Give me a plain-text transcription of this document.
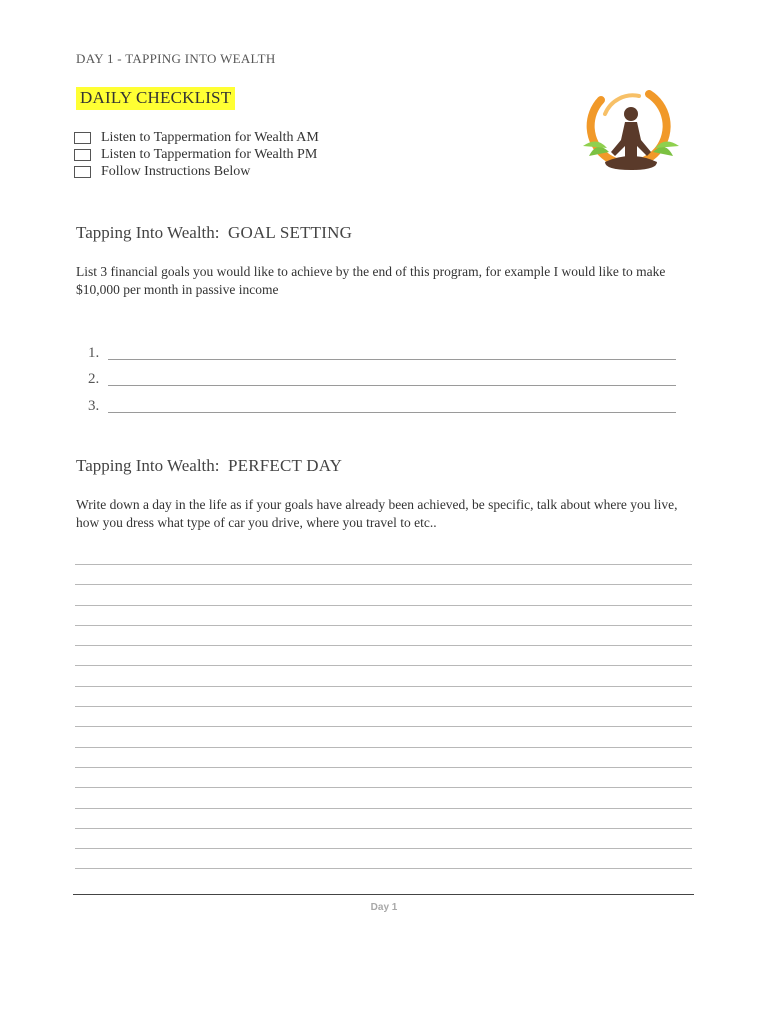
DAY 1 - TAPPING INTO WEALTH
DAILY CHECKLIST
Listen to Tappermation for Wealth AM
Listen to Tappermation for Wealth PM
Follow Instructions Below
Tapping Into Wealth: GOAL SETTING
List 3 financial goals you would like to achieve by the end of this program, for example I would like to make $10,000 per month in passive income
1.
2.
3.
Tapping Into Wealth: PERFECT DAY
Write down a day in the life as if your goals have already been achieved, be specific, talk about where you live, how you dress what type of car you drive, where you travel to etc..
Day 1
